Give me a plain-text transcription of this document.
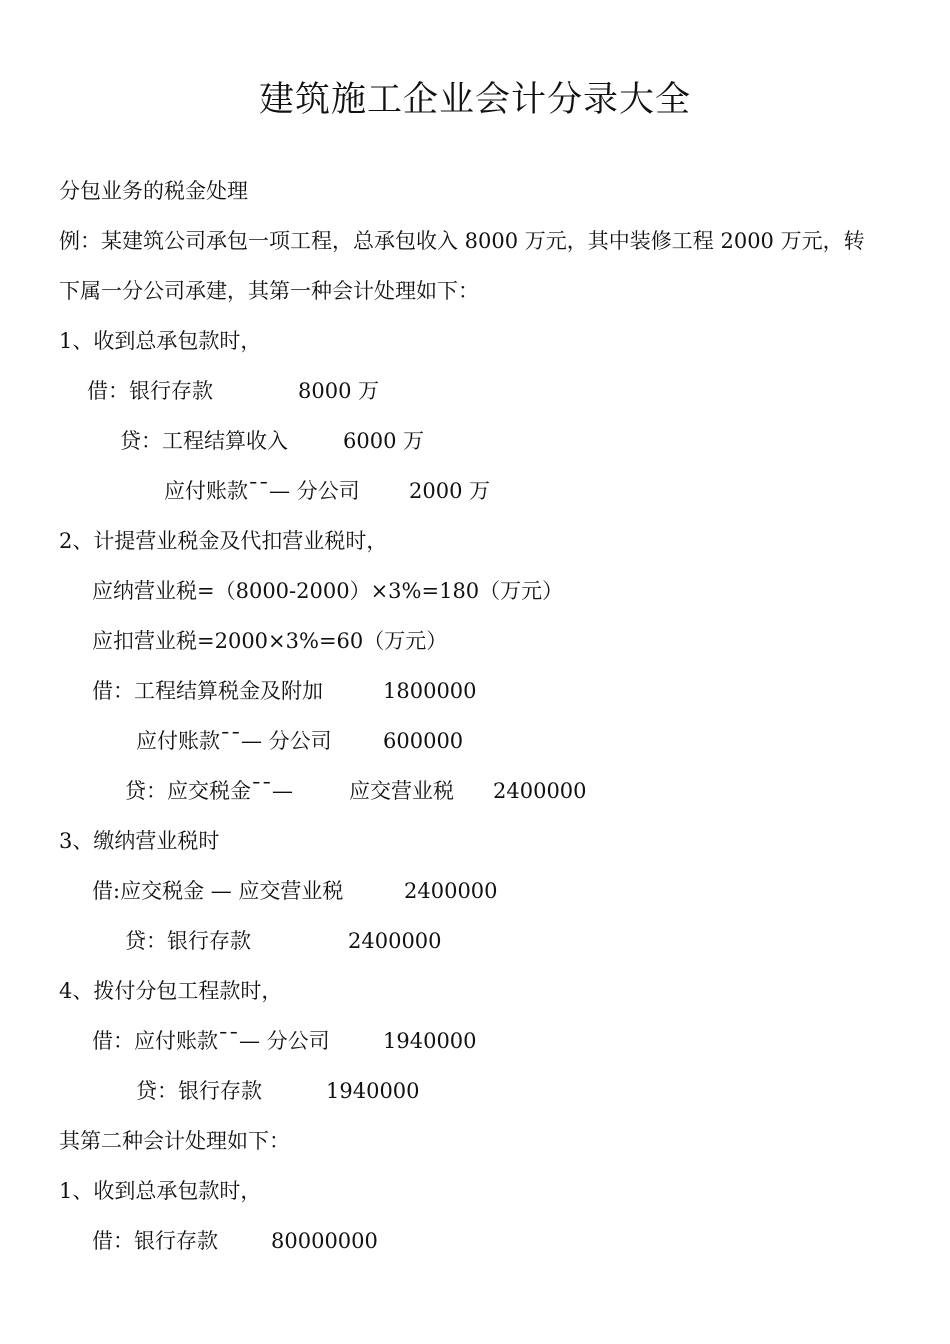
建筑施工企业会计分录大全
分包业务的税金处理
例：某建筑公司承包一项工程，总承包收入 8000 万元，其中装修工程 2000 万元，转
下属一分公司承建，其第一种会计处理如下：
1、收到总承包款时，
借：银行存款	8000 万
贷：工程结算收入	6000 万
应付账款¯¯— 分公司 2000 万
2、计提营业税金及代扣营业税时，
应纳营业税=（8000-2000）×3%=180（万元）
应扣营业税=2000×3%=60（万元）
借：工程结算税金及附加	1800000
应付账款¯¯— 分公司 600000
贷：应交税金¯¯—	应交营业税 2400000
3、缴纳营业税时
借:应交税金 — 应交营业税	2400000
贷：银行存款	2400000
4、拨付分包工程款时，
借：应付账款¯¯— 分公司	1940000
贷：银行存款	1940000
其第二种会计处理如下：
1、收到总承包款时，
借：银行存款	80000000
